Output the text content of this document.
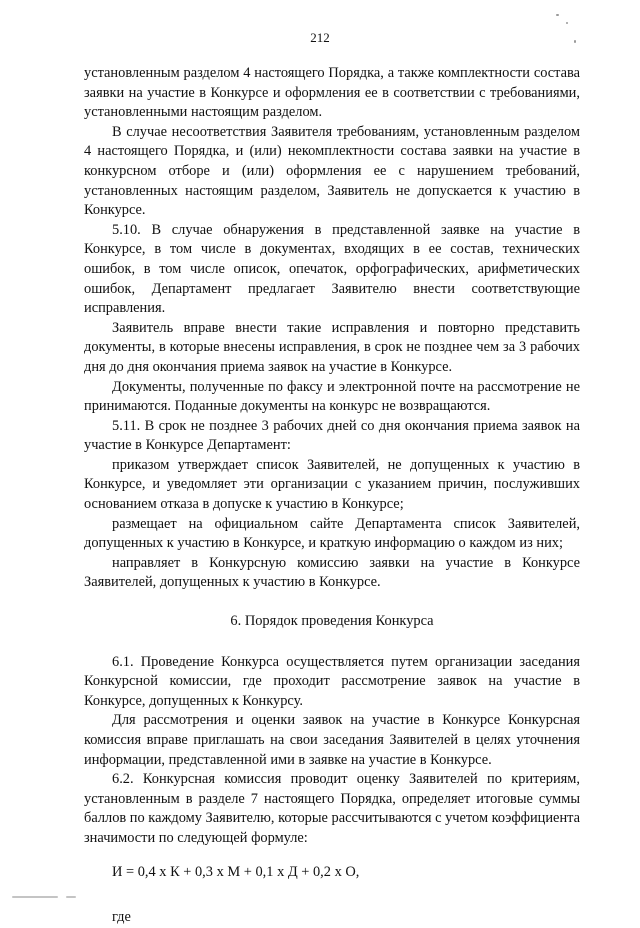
212

установленным разделом 4 настоящего Порядка, а также комплектности состава заявки на участие в Конкурсе и оформления ее в соответствии с требованиями, установленными настоящим разделом.

В случае несоответствия Заявителя требованиям, установленным разделом 4 настоящего Порядка, и (или) некомплектности состава заявки на участие в конкурсном отборе и (или) оформления ее с нарушением требований, установленных настоящим разделом, Заявитель не допускается к участию в Конкурсе.

5.10. В случае обнаружения в представленной заявке на участие в Конкурсе, в том числе в документах, входящих в ее состав, технических ошибок, в том числе описок, опечаток, орфографических, арифметических ошибок, Департамент предлагает Заявителю внести соответствующие исправления.

Заявитель вправе внести такие исправления и повторно представить документы, в которые внесены исправления, в срок не позднее чем за 3 рабочих дня до дня окончания приема заявок на участие в Конкурсе.

Документы, полученные по факсу и электронной почте на рассмотрение не принимаются. Поданные документы на конкурс не возвращаются.

5.11. В срок не позднее 3 рабочих дней со дня окончания приема заявок на участие в Конкурсе Департамент:

приказом утверждает список Заявителей, не допущенных к участию в Конкурсе, и уведомляет эти организации с указанием причин, послуживших основанием отказа в допуске к участию в Конкурсе;

размещает на официальном сайте Департамента список Заявителей, допущенных к участию в Конкурсе, и краткую информацию о каждом из них;

направляет в Конкурсную комиссию заявки на участие в Конкурсе Заявителей, допущенных к участию в Конкурсе.

6. Порядок проведения Конкурса

6.1. Проведение Конкурса осуществляется путем организации заседания Конкурсной комиссии, где проходит рассмотрение заявок на участие в Конкурсе, допущенных к Конкурсу.

Для рассмотрения и оценки заявок на участие в Конкурсе Конкурсная комиссия вправе приглашать на свои заседания Заявителей в целях уточнения информации, представленной ими в заявке на участие в Конкурсе.

6.2. Конкурсная комиссия проводит оценку Заявителей по критериям, установленным в разделе 7 настоящего Порядка, определяет итоговые суммы баллов по каждому Заявителю, которые рассчитываются с учетом коэффициента значимости по следующей формуле:

И = 0,4 х К + 0,3 х М + 0,1 х Д + 0,2 х О,

где
